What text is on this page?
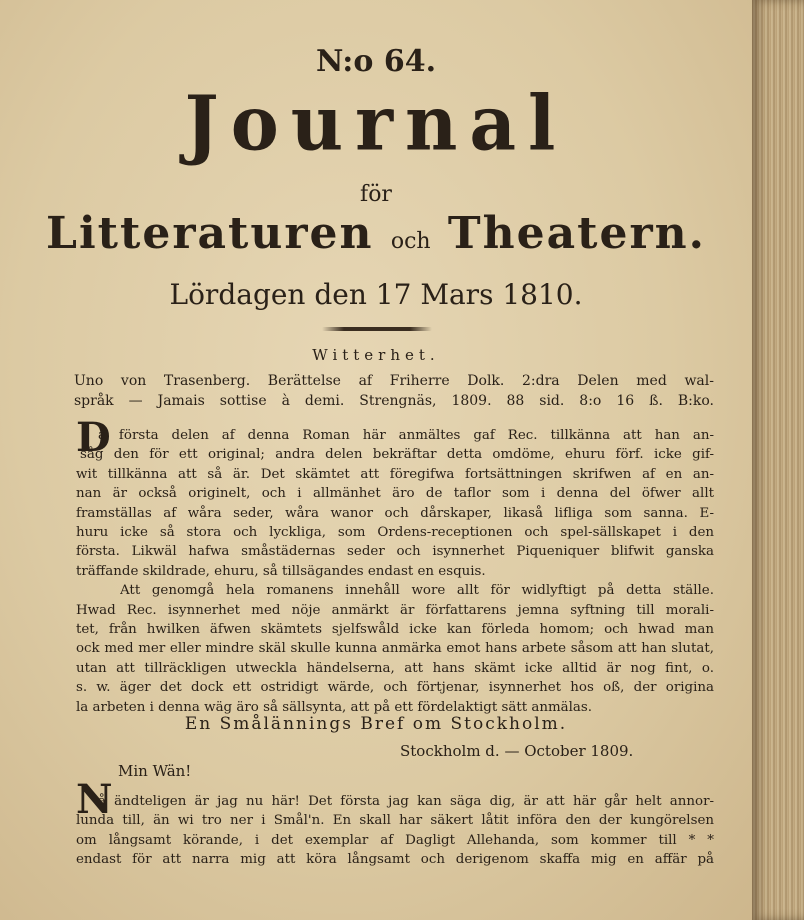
N:o 64.
Journal
för
Litteraturen och Theatern.
Lördagen den 17 Mars 1810.
Witterhet.
Uno von Trasenberg. Berättelse af Friherre Dolk. 2:dra Delen med wal-
språk — Jamais sottise à demi. Strengnäs, 1809. 88 sid. 8:o 16 ß. B:ko.
D
å första delen af denna Roman här anmältes gaf Rec. tillkänna att han an-
såg den för ett original; andra delen bekräftar detta omdöme, ehuru förf. icke gif-
wit tillkänna att så är. Det skämtet att föregifwa fortsättningen skrifwen af en an-
nan är också originelt, och i allmänhet äro de taflor som i denna del öfwer allt
framställas af wåra seder, wåra wanor och dårskaper, likaså lifliga som sanna. E-
huru icke så stora och lyckliga, som Ordens-receptionen och spel-sällskapet i den
första. Likwäl hafwa småstädernas seder och isynnerhet Piqueniquer blifwit ganska
träffande skildrade, ehuru, så tillsägandes endast en esquis.
Att genomgå hela romanens innehåll wore allt för widlyftigt på detta ställe.
Hwad Rec. isynnerhet med nöje anmärkt är författarens jemna syftning till morali-
tet, från hwilken äfwen skämtets sjelfswåld icke kan förleda homom; och hwad man
ock med mer eller mindre skäl skulle kunna anmärka emot hans arbete såsom att han slutat,
utan att tillräckligen utweckla händelserna, att hans skämt icke alltid är nog fint, o.
s. w. äger det dock ett ostridigt wärde, och förtjenar, isynnerhet hos oß, der origina
la arbeten i denna wäg äro så sällsynta, att på ett fördelaktigt sätt anmälas.
En Smålännings Bref om Stockholm.
Stockholm d. — October 1809.
Min Wän!
N
å ändteligen är jag nu här! Det första jag kan säga dig, är att här går helt annor-
lunda till, än wi tro ner i Smål'n. En skall har säkert låtit införa den der kungörelsen
om långsamt körande, i det exemplar af Dagligt Allehanda, som kommer till * *
endast för att narra mig att köra långsamt och derigenom skaffa mig en affär på
